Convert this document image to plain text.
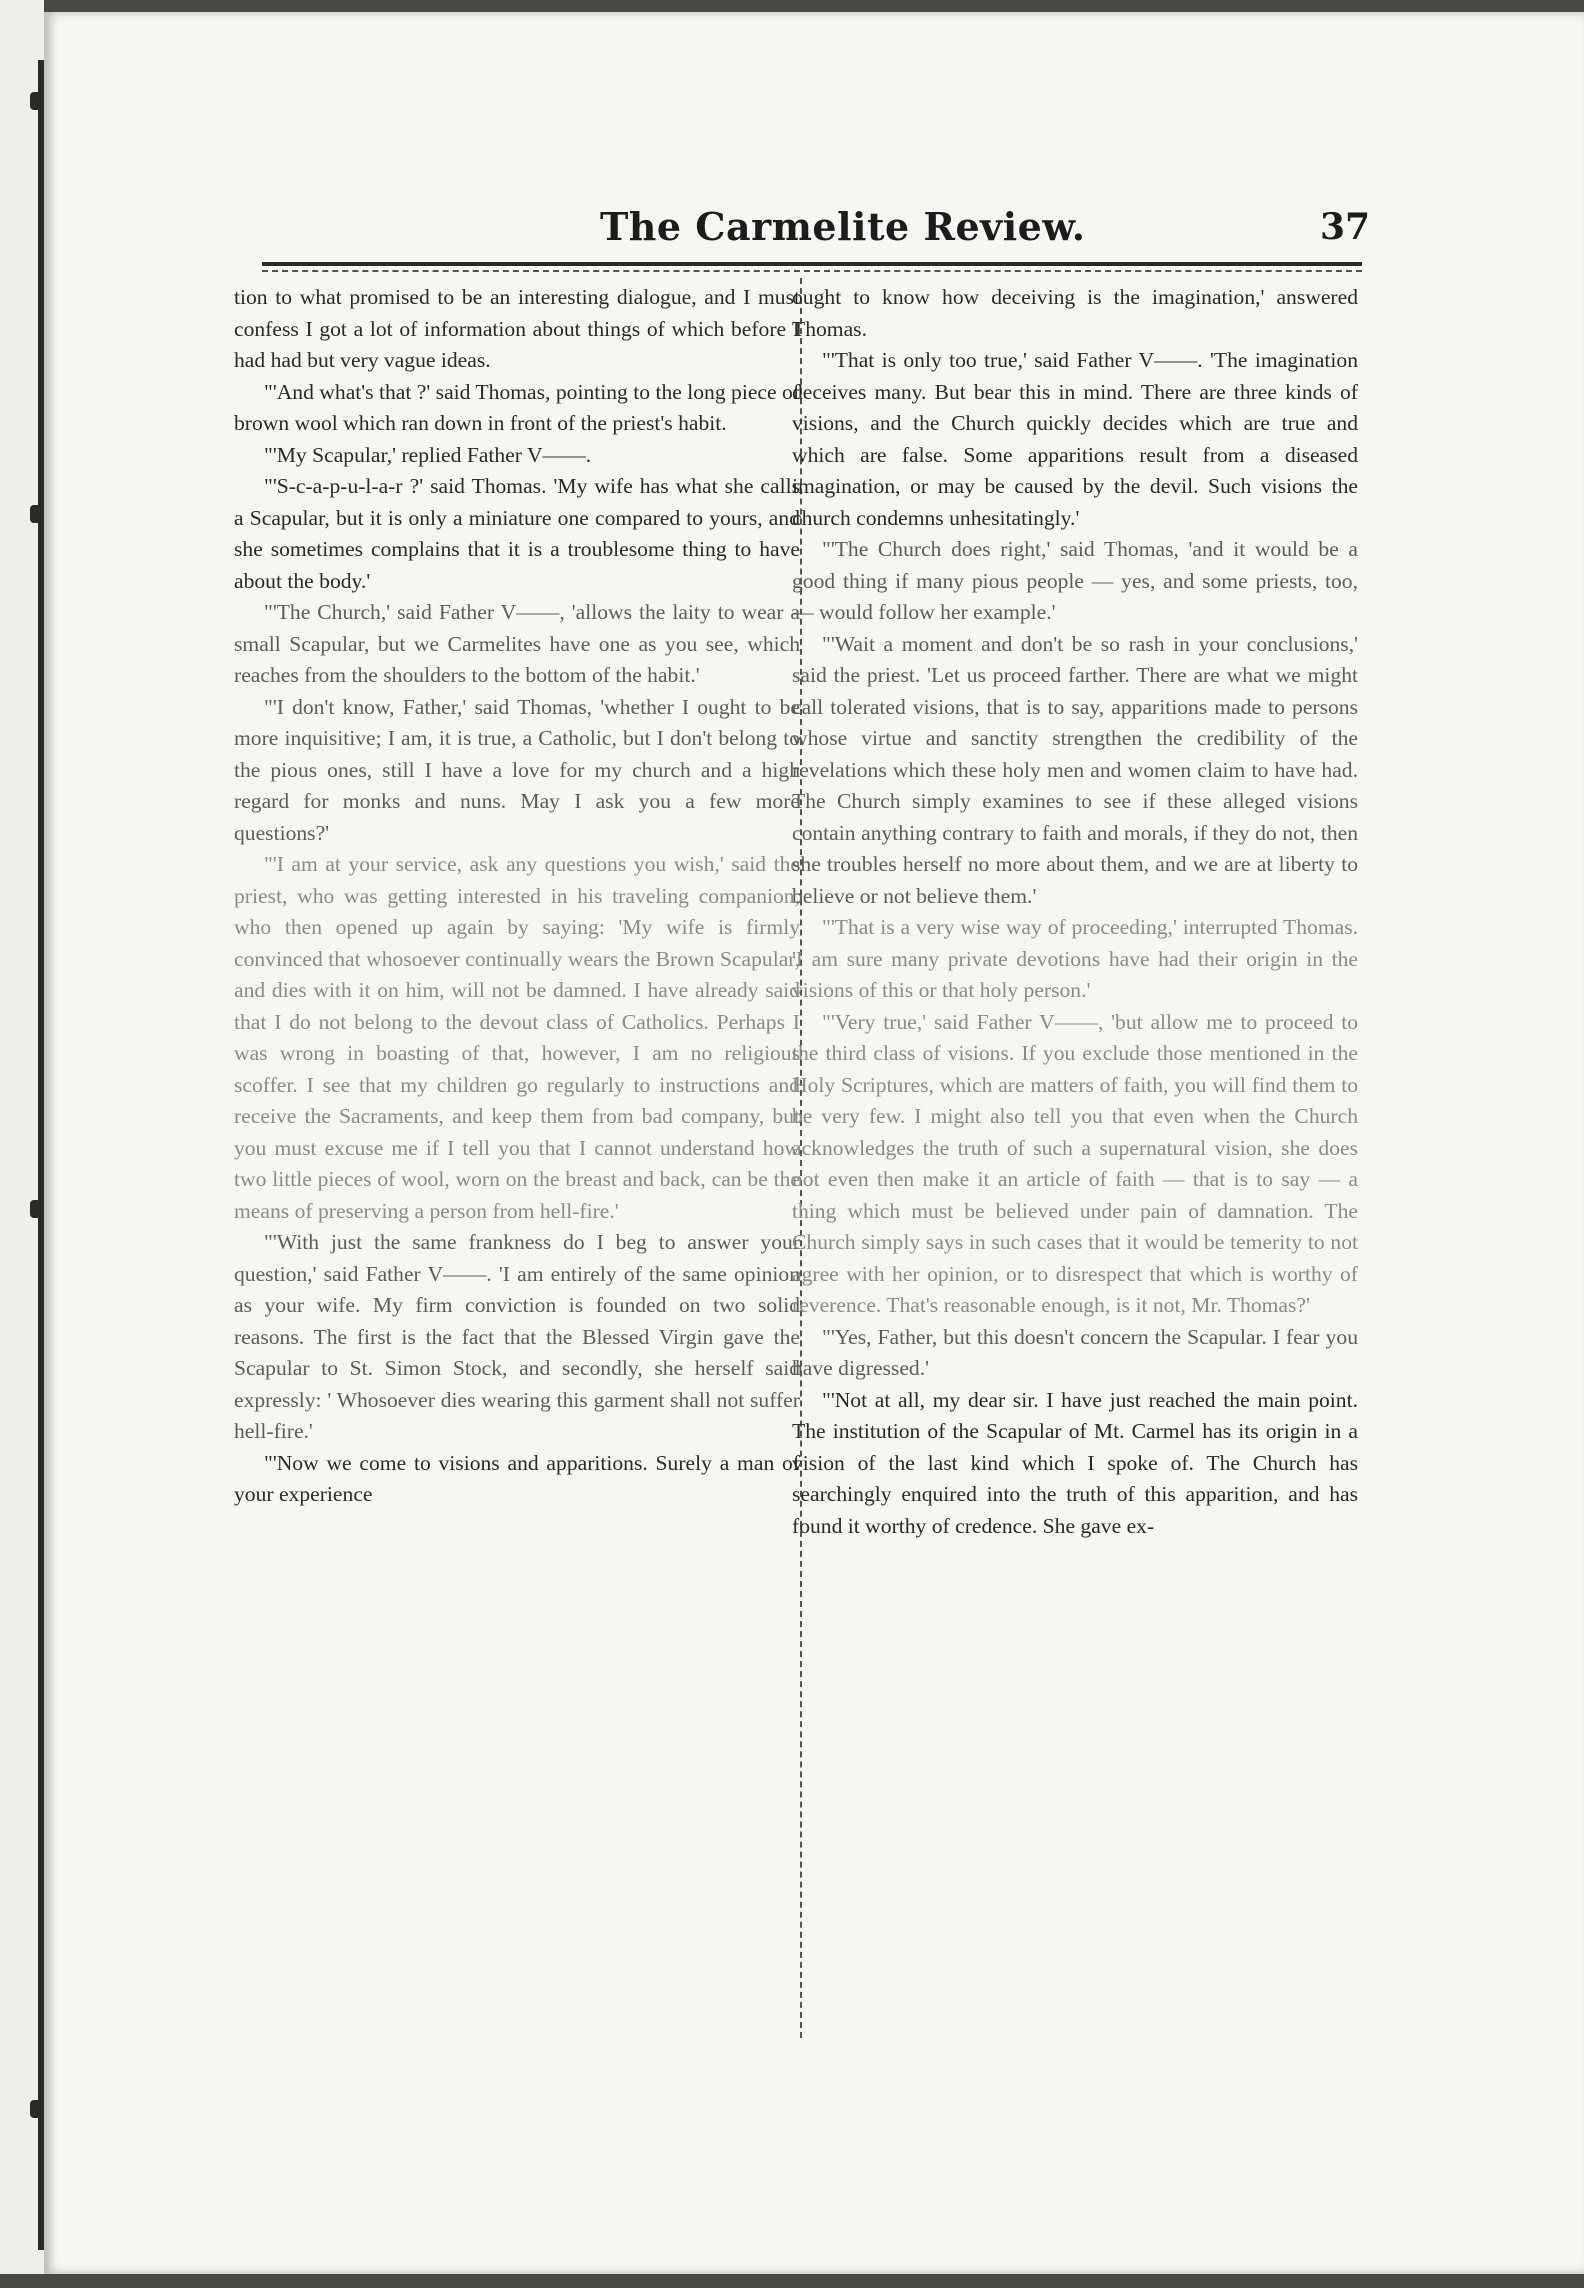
The Carmelite Review.	37

tion to what promised to be an interesting dialogue, and I must confess I got a lot of information about things of which before I had had but very vague ideas.

"'And what's that ?' said Thomas, pointing to the long piece of brown wool which ran down in front of the priest's habit.

"'My Scapular,' replied Father V——.

"'S-c-a-p-u-l-a-r ?' said Thomas. 'My wife has what she calls a Scapular, but it is only a miniature one compared to yours, and she sometimes complains that it is a troublesome thing to have about the body.'

"'The Church,' said Father V——, 'allows the laity to wear a small Scapular, but we Carmelites have one as you see, which reaches from the shoulders to the bottom of the habit.'

"'I don't know, Father,' said Thomas, 'whether I ought to be more inquisitive; I am, it is true, a Catholic, but I don't belong to the pious ones, still I have a love for my church and a high regard for monks and nuns. May I ask you a few more questions?'

"'I am at your service, ask any questions you wish,' said the priest, who was getting interested in his traveling companion, who then opened up again by saying: 'My wife is firmly convinced that whosoever continually wears the Brown Scapular, and dies with it on him, will not be damned. I have already said that I do not belong to the devout class of Catholics. Perhaps I was wrong in boasting of that, however, I am no religious scoffer. I see that my children go regularly to instructions and receive the Sacraments, and keep them from bad company, but you must excuse me if I tell you that I cannot understand how two little pieces of wool, worn on the breast and back, can be the means of preserving a person from hell-fire.'

"'With just the same frankness do I beg to answer your question,' said Father V——. 'I am entirely of the same opinion as your wife. My firm conviction is founded on two solid reasons. The first is the fact that the Blessed Virgin gave the Scapular to St. Simon Stock, and secondly, she herself said expressly: ' Whosoever dies wearing this garment shall not suffer hell-fire.'

"'Now we come to visions and apparitions. Surely a man of your experience

ought to know how deceiving is the imagination,' answered Thomas.

"'That is only too true,' said Father V——. 'The imagination deceives many. But bear this in mind. There are three kinds of visions, and the Church quickly decides which are true and which are false. Some apparitions result from a diseased imagination, or may be caused by the devil. Such visions the church condemns unhesitatingly.'

"'The Church does right,' said Thomas, 'and it would be a good thing if many pious people — yes, and some priests, too, — would follow her example.'

"'Wait a moment and don't be so rash in your conclusions,' said the priest. 'Let us proceed farther. There are what we might call tolerated visions, that is to say, apparitions made to persons whose virtue and sanctity strengthen the credibility of the revelations which these holy men and women claim to have had. The Church simply examines to see if these alleged visions contain anything contrary to faith and morals, if they do not, then she troubles herself no more about them, and we are at liberty to believe or not believe them.'

"'That is a very wise way of proceeding,' interrupted Thomas. 'I am sure many private devotions have had their origin in the visions of this or that holy person.'

"'Very true,' said Father V——, 'but allow me to proceed to the third class of visions. If you exclude those mentioned in the Holy Scriptures, which are matters of faith, you will find them to be very few. I might also tell you that even when the Church acknowledges the truth of such a supernatural vision, she does not even then make it an article of faith — that is to say — a thing which must be believed under pain of damnation. The Church simply says in such cases that it would be temerity to not agree with her opinion, or to disrespect that which is worthy of reverence. That's reasonable enough, is it not, Mr. Thomas?'

"'Yes, Father, but this doesn't concern the Scapular. I fear you have digressed.'

"'Not at all, my dear sir. I have just reached the main point. The institution of the Scapular of Mt. Carmel has its origin in a vision of the last kind which I spoke of. The Church has searchingly enquired into the truth of this apparition, and has found it worthy of credence. She gave ex-
